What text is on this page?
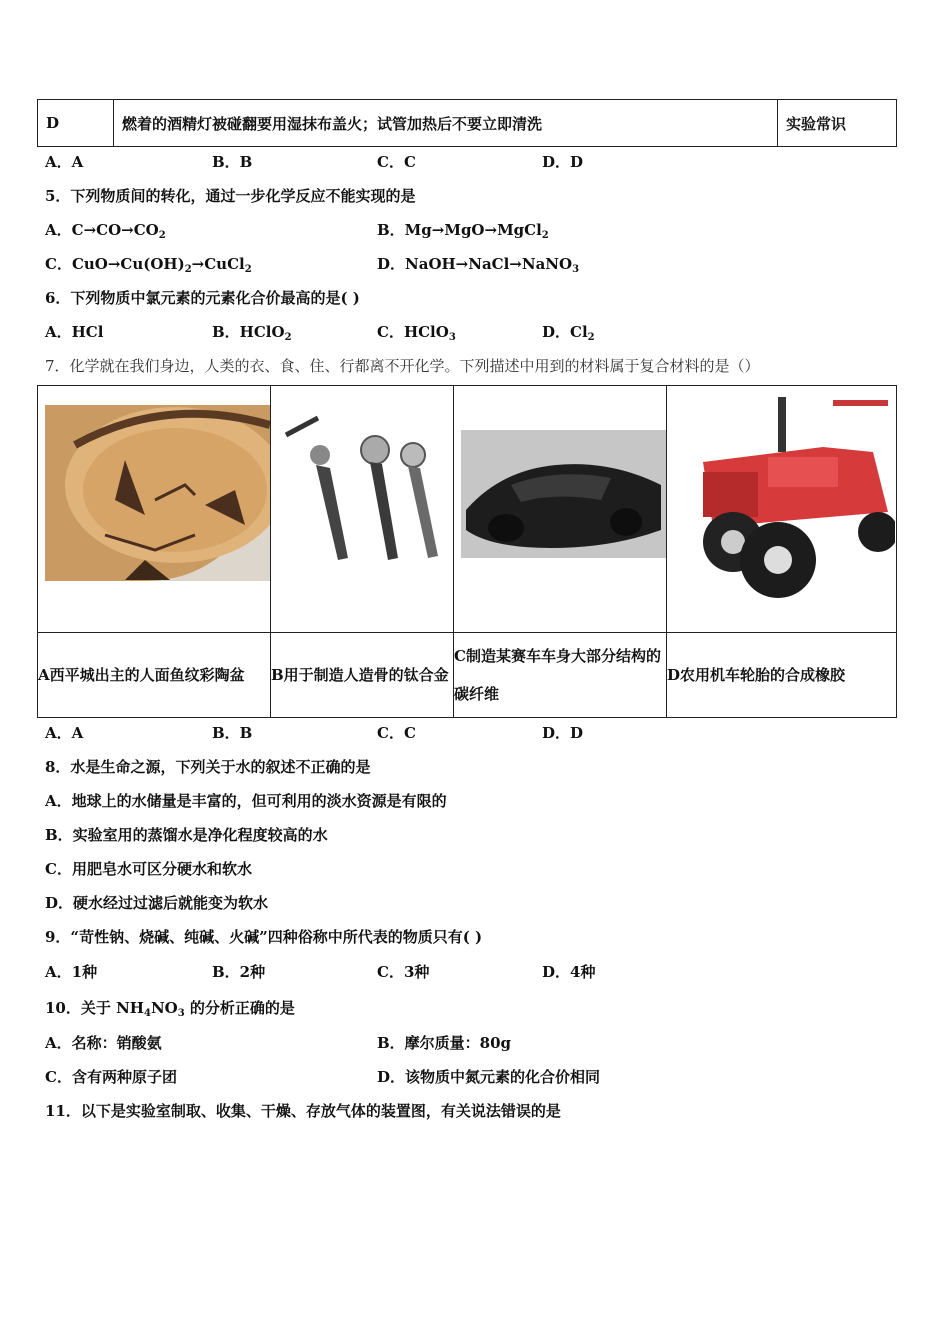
D	燃着的酒精灯被碰翻要用湿抹布盖火；试管加热后不要立即清洗	实验常识
A．A	B．B	C．C	D．D
5．下列物质间的转化，通过一步化学反应不能实现的是
A．$C\to CO\to CO_2$	B．Mg→MgO→MgCl$_2$
C．$CuO\to Cu(OH)_2\to CuCl_2$	D．NaOH→NaCl→NaNO$_3$
6．下列物质中氯元素的元素化合价最高的是( )
A．HCl	B．HClO$_2$	C．HClO$_3$	D．$Cl_2$
7．化学就在我们身边，人类的衣、食、住、行都离不开化学。下列描述中用到的材料属于复合材料的是（）

A西平城出主的人面鱼纹彩陶盆	B用于制造人造骨的钛合金	C制造某赛车车身大部分结构的碳纤维	D农用机车轮胎的合成橡胶
A．A	B．B	C．C	D．D
8．水是生命之源，下列关于水的叙述不正确的是
A．地球上的水储量是丰富的，但可利用的淡水资源是有限的
B．实验室用的蒸馏水是净化程度较高的水
C．用肥皂水可区分硬水和软水
D．硬水经过过滤后就能变为软水
9．“苛性钠、烧碱、纯碱、火碱”四种俗称中所代表的物质只有( )
A．1种	B．2种	C．3种	D．4种
10．关于 $NH_4NO_3$ 的分析正确的是
A．名称：销酸氨	B．摩尔质量：80g
C．含有两种原子团	D．该物质中氮元素的化合价相同
11．以下是实验室制取、收集、干燥、存放气体的装置图，有关说法错误的是
